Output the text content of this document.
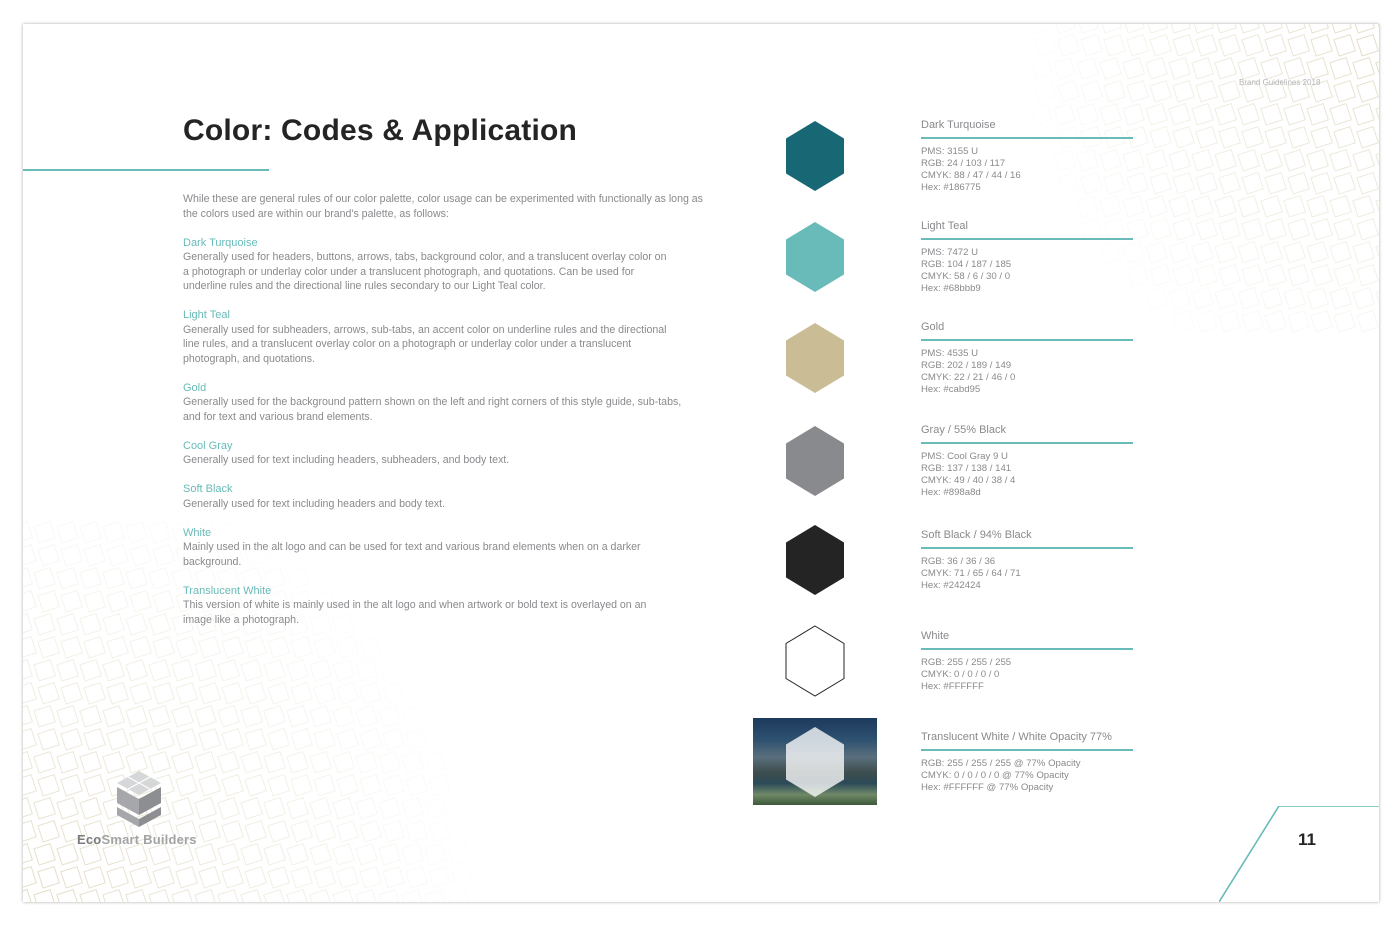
Brand Guidelines 2018
Color: Codes & Application

While these are general rules of our color palette, color usage can be experimented with functionally as long as the colors used are within our brand's palette, as follows:

Dark Turquoise
Generally used for headers, buttons, arrows, tabs, background color, and a translucent overlay color on a photograph or underlay color under a translucent photograph, and quotations. Can be used for underline rules and the directional line rules secondary to our Light Teal color.
Light Teal
Generally used for subheaders, arrows, sub-tabs, an accent color on underline rules and the directional line rules, and a translucent overlay color on a photograph or underlay color under a translucent photograph, and quotations.
Gold
Generally used for the background pattern shown on the left and right corners of this style guide, sub-tabs, and for text and various brand elements.
Cool Gray
Generally used for text including headers, subheaders, and body text.
Soft Black
Generally used for text including headers and body text.
White
Mainly used in the alt logo and can be used for text and various brand elements when on a darker background.
Translucent White
This version of white is mainly used in the alt logo and when artwork or bold text is overlayed on an image like a photograph.
Dark Turquoise
PMS: 3155 U
RGB: 24 / 103 / 117
CMYK: 88 / 47 / 44 / 16
Hex: #186775
Light Teal
PMS: 7472 U
RGB: 104 / 187 / 185
CMYK: 58 / 6 / 30 / 0
Hex: #68bbb9
Gold
PMS: 4535 U
RGB: 202 / 189 / 149
CMYK: 22 / 21 / 46 / 0
Hex: #cabd95
Gray / 55% Black
PMS: Cool Gray 9 U
RGB: 137 / 138 / 141
CMYK: 49 / 40 / 38 / 4
Hex: #898a8d
Soft Black / 94% Black
RGB: 36 / 36 / 36
CMYK: 71 / 65 / 64 / 71
Hex: #242424
White
RGB: 255 / 255 / 255
CMYK: 0 / 0 / 0 / 0
Hex: #FFFFFF
Translucent White / White Opacity 77%
RGB: 255 / 255 / 255 @ 77% Opacity
CMYK: 0 / 0 / 0 / 0 @ 77% Opacity
Hex: #FFFFFF @ 77% Opacity
EcoSmart Builders	11
